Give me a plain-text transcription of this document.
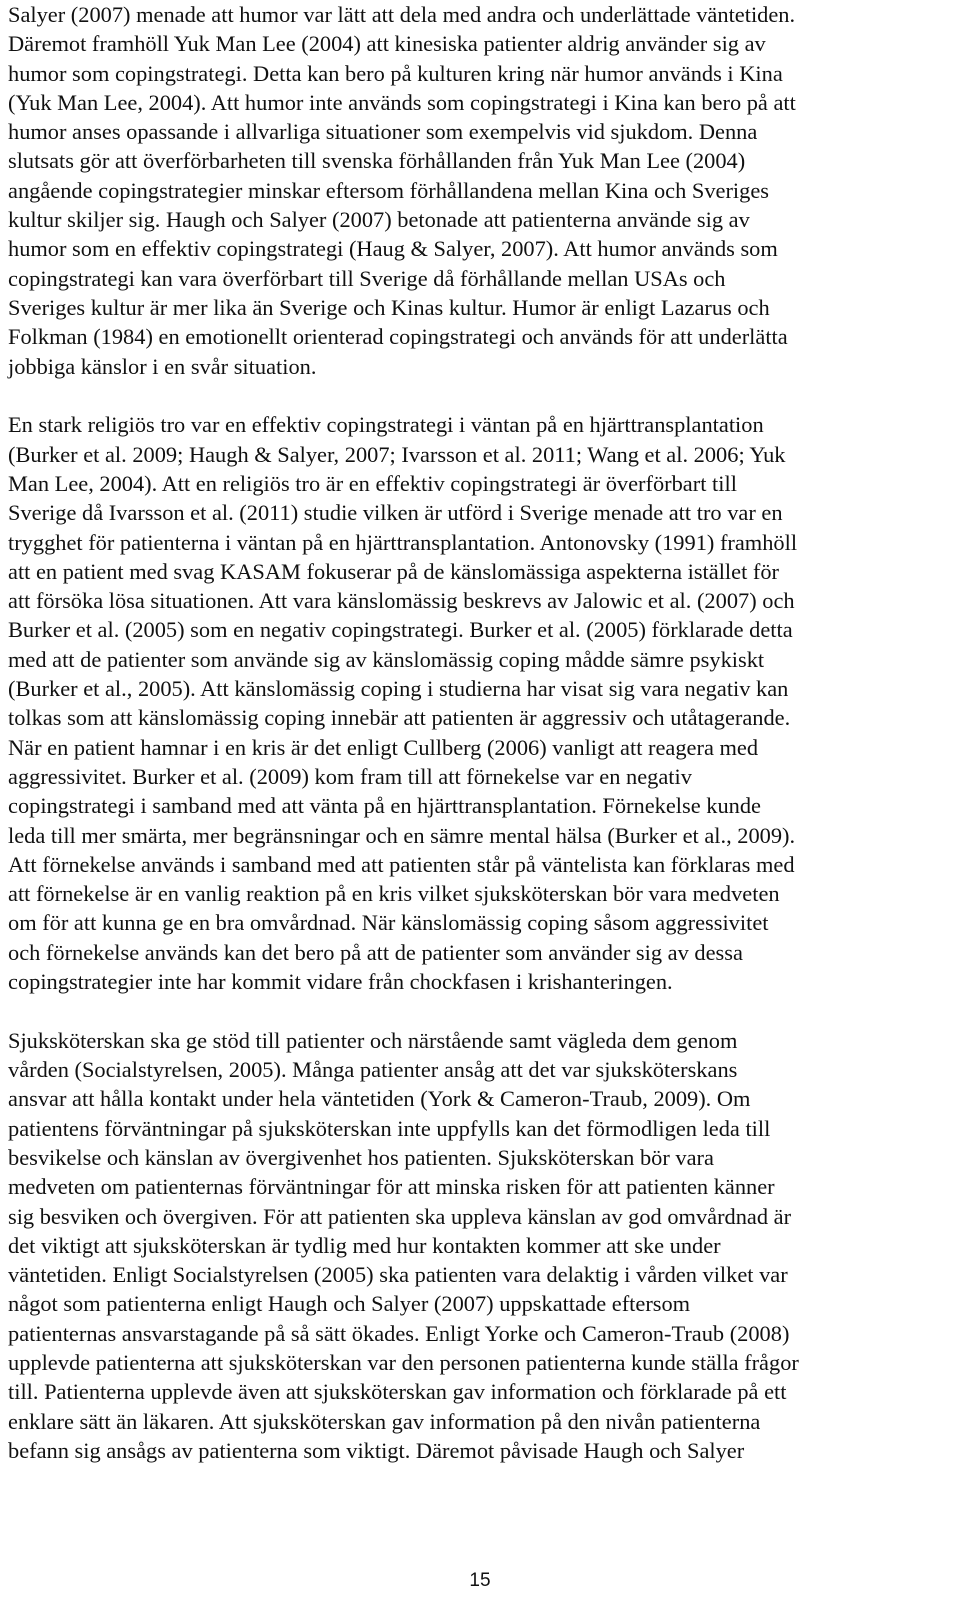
Salyer (2007) menade att humor var lätt att dela med andra och underlättade väntetiden.
Däremot framhöll Yuk Man Lee (2004) att kinesiska patienter aldrig använder sig av
humor som copingstrategi. Detta kan bero på kulturen kring när humor används i Kina
(Yuk Man Lee, 2004). Att humor inte används som copingstrategi i Kina kan bero på att
humor anses opassande i allvarliga situationer som exempelvis vid sjukdom. Denna
slutsats gör att överförbarheten till svenska förhållanden från Yuk Man Lee (2004)
angående copingstrategier minskar eftersom förhållandena mellan Kina och Sveriges
kultur skiljer sig. Haugh och Salyer (2007) betonade att patienterna använde sig av
humor som en effektiv copingstrategi (Haug & Salyer, 2007). Att humor används som
copingstrategi kan vara överförbart till Sverige då förhållande mellan USAs och
Sveriges kultur är mer lika än Sverige och Kinas kultur. Humor är enligt Lazarus och
Folkman (1984) en emotionellt orienterad copingstrategi och används för att underlätta
jobbiga känslor i en svår situation.
En stark religiös tro var en effektiv copingstrategi i väntan på en hjärttransplantation
(Burker et al. 2009; Haugh & Salyer, 2007; Ivarsson et al. 2011; Wang et al. 2006; Yuk
Man Lee, 2004). Att en religiös tro är en effektiv copingstrategi är överförbart till
Sverige då Ivarsson et al. (2011) studie vilken är utförd i Sverige menade att tro var en
trygghet för patienterna i väntan på en hjärttransplantation. Antonovsky (1991) framhöll
att en patient med svag KASAM fokuserar på de känslomässiga aspekterna istället för
att försöka lösa situationen. Att vara känslomässig beskrevs av Jalowic et al. (2007) och
Burker et al. (2005) som en negativ copingstrategi. Burker et al. (2005) förklarade detta
med att de patienter som använde sig av känslomässig coping mådde sämre psykiskt
(Burker et al., 2005). Att känslomässig coping i studierna har visat sig vara negativ kan
tolkas som att känslomässig coping innebär att patienten är aggressiv och utåtagerande.
När en patient hamnar i en kris är det enligt Cullberg (2006) vanligt att reagera med
aggressivitet. Burker et al. (2009) kom fram till att förnekelse var en negativ
copingstrategi i samband med att vänta på en hjärttransplantation. Förnekelse kunde
leda till mer smärta, mer begränsningar och en sämre mental hälsa (Burker et al., 2009).
Att förnekelse används i samband med att patienten står på väntelista kan förklaras med
att förnekelse är en vanlig reaktion på en kris vilket sjuksköterskan bör vara medveten
om för att kunna ge en bra omvårdnad. När känslomässig coping såsom aggressivitet
och förnekelse används kan det bero på att de patienter som använder sig av dessa
copingstrategier inte har kommit vidare från chockfasen i krishanteringen.
Sjuksköterskan ska ge stöd till patienter och närstående samt vägleda dem genom
vården (Socialstyrelsen, 2005). Många patienter ansåg att det var sjuksköterskans
ansvar att hålla kontakt under hela väntetiden (York & Cameron-Traub, 2009). Om
patientens förväntningar på sjuksköterskan inte uppfylls kan det förmodligen leda till
besvikelse och känslan av övergivenhet hos patienten. Sjuksköterskan bör vara
medveten om patienternas förväntningar för att minska risken för att patienten känner
sig besviken och övergiven. För att patienten ska uppleva känslan av god omvårdnad är
det viktigt att sjuksköterskan är tydlig med hur kontakten kommer att ske under
väntetiden. Enligt Socialstyrelsen (2005) ska patienten vara delaktig i vården vilket var
något som patienterna enligt Haugh och Salyer (2007) uppskattade eftersom
patienternas ansvarstagande på så sätt ökades. Enligt Yorke och Cameron-Traub (2008)
upplevde patienterna att sjuksköterskan var den personen patienterna kunde ställa frågor
till. Patienterna upplevde även att sjuksköterskan gav information och förklarade på ett
enklare sätt än läkaren. Att sjuksköterskan gav information på den nivån patienterna
befann sig ansågs av patienterna som viktigt. Däremot påvisade Haugh och Salyer
15
